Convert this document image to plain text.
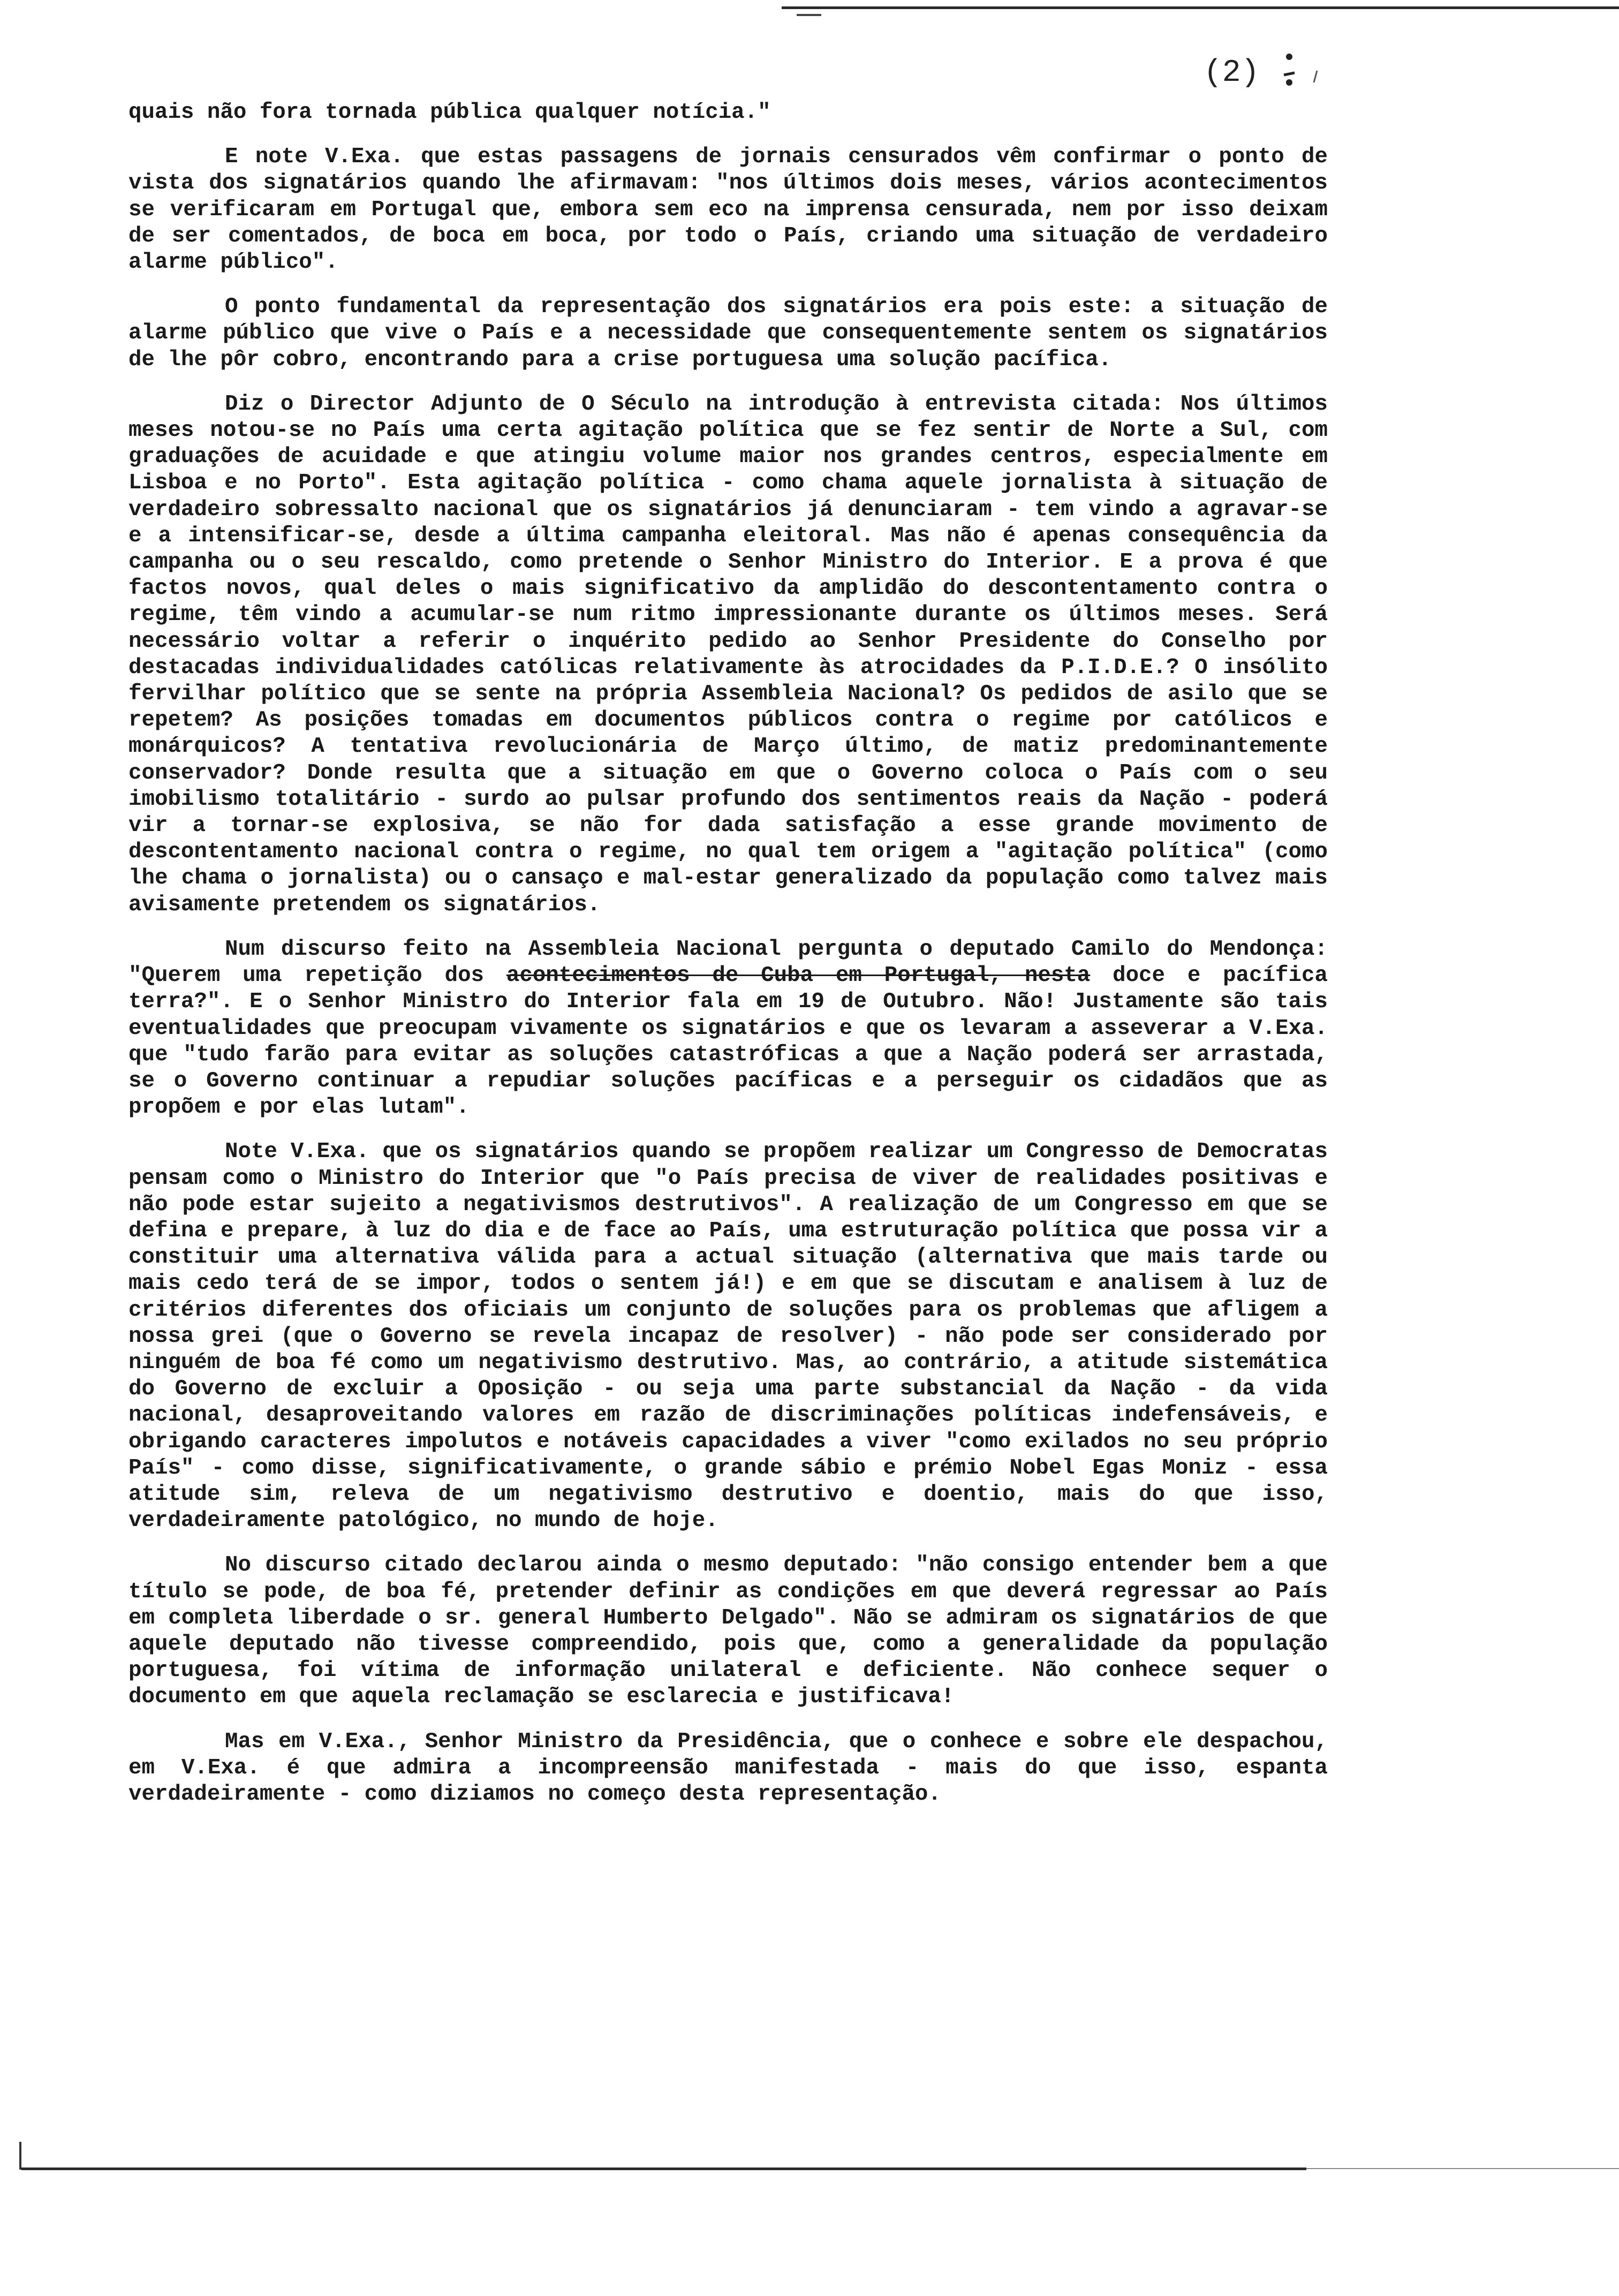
(2)

quais não fora tornada pública qualquer notícia."

E note V.Exa. que estas passagens de jornais censurados vêm confirmar o ponto de vista dos signatários quando lhe afirmavam: "nos últimos dois meses, vários acontecimentos se verificaram em Portugal que, embora sem eco na imprensa censurada, nem por isso deixam de ser comentados, de boca em boca, por todo o País, criando uma situação de verdadeiro alarme público".

O ponto fundamental da representação dos signatários era pois este: a situação de alarme público que vive o País e a necessidade que consequentemente sentem os signatários de lhe pôr cobro, encontrando para a crise portuguesa uma solução pacífica.

Diz o Director Adjunto de O Século na introdução à entrevista citada: Nos últimos meses notou-se no País uma certa agitação política que se fez sentir de Norte a Sul, com graduações de acuidade e que atingiu volume maior nos grandes centros, especialmente em Lisboa e no Porto". Esta agitação política - como chama aquele jornalista à situação de verdadeiro sobressalto nacional que os signatários já denunciaram - tem vindo a agravar-se e a intensificar-se, desde a última campanha eleitoral. Mas não é apenas consequência da campanha ou o seu rescaldo, como pretende o Senhor Ministro do Interior. E a prova é que factos novos, qual deles o mais significativo da amplidão do descontentamento contra o regime, têm vindo a acumular-se num ritmo impressionante durante os últimos meses. Será necessário voltar a referir o inquérito pedido ao Senhor Presidente do Conselho por destacadas individualidades católicas relativamente às atrocidades da P.I.D.E.? O insólito fervilhar político que se sente na própria Assembleia Nacional? Os pedidos de asilo que se repetem? As posições tomadas em documentos públicos contra o regime por católicos e monárquicos? A tentativa revolucionária de Março último, de matiz predominantemente conservador? Donde resulta que a situação em que o Governo coloca o País com o seu imobilismo totalitário - surdo ao pulsar profundo dos sentimentos reais da Nação - poderá vir a tornar-se explosiva, se não for dada satisfação a esse grande movimento de descontentamento nacional contra o regime, no qual tem origem a "agitação política" (como lhe chama o jornalista) ou o cansaço e mal-estar generalizado da população como talvez mais avisamente pretendem os signatários.

Num discurso feito na Assembleia Nacional pergunta o deputado Camilo do Mendonça: "Querem uma repetição dos acontecimentos de Cuba em Portugal, nesta doce e pacífica terra?". E o Senhor Ministro do Interior fala em 19 de Outubro. Não! Justamente são tais eventualidades que preocupam vivamente os signatários e que os levaram a asseverar a V.Exa. que "tudo farão para evitar as soluções catastróficas a que a Nação poderá ser arrastada, se o Governo continuar a repudiar soluções pacíficas e a perseguir os cidadãos que as propõem e por elas lutam".

Note V.Exa. que os signatários quando se propõem realizar um Congresso de Democratas pensam como o Ministro do Interior que "o País precisa de viver de realidades positivas e não pode estar sujeito a negativismos destrutivos". A realização de um Congresso em que se defina e prepare, à luz do dia e de face ao País, uma estruturação política que possa vir a constituir uma alternativa válida para a actual situação (alternativa que mais tarde ou mais cedo terá de se impor, todos o sentem já!) e em que se discutam e analisem à luz de critérios diferentes dos oficiais um conjunto de soluções para os problemas que afligem a nossa grei (que o Governo se revela incapaz de resolver) - não pode ser considerado por ninguém de boa fé como um negativismo destrutivo. Mas, ao contrário, a atitude sistemática do Governo de excluir a Oposição - ou seja uma parte substancial da Nação - da vida nacional, desaproveitando valores em razão de discriminações políticas indefensáveis, e obrigando caracteres impolutos e notáveis capacidades a viver "como exilados no seu próprio País" - como disse, significativamente, o grande sábio e prémio Nobel Egas Moniz - essa atitude sim, releva de um negativismo destrutivo e doentio, mais do que isso, verdadeiramente patológico, no mundo de hoje.

No discurso citado declarou ainda o mesmo deputado: "não consigo entender bem a que título se pode, de boa fé, pretender definir as condições em que deverá regressar ao País em completa liberdade o sr. general Humberto Delgado". Não se admiram os signatários de que aquele deputado não tivesse compreendido, pois que, como a generalidade da população portuguesa, foi vítima de informação unilateral e deficiente. Não conhece sequer o documento em que aquela reclamação se esclarecia e justificava!

Mas em V.Exa., Senhor Ministro da Presidência, que o conhece e sobre ele despachou, em V.Exa. é que admira a incompreensão manifestada - mais do que isso, espanta verdadeiramente - como diziamos no começo desta representação.
